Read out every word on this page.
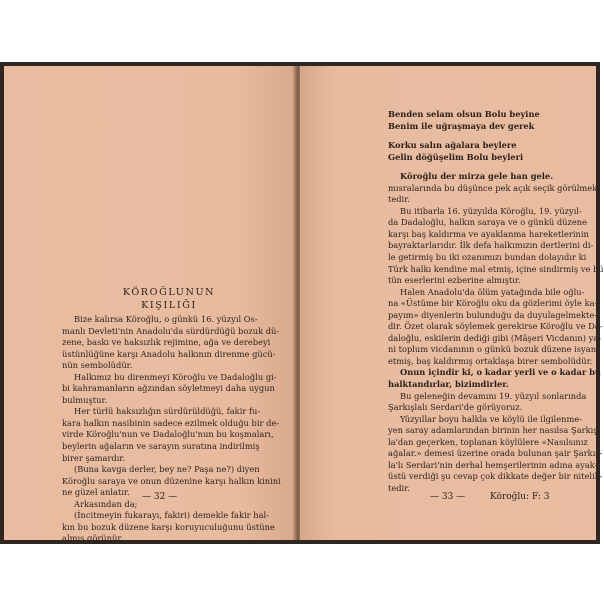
KÖROĞLUNUN
KIŞILIĞI
Bize kalırsa Köroğlu, o günkü 16. yüzyıl Os-
manlı Devleti'nin Anadolu'da sürdürdüğü bozuk dü-
zene, baskı ve haksızlık rejimine, ağa ve derebeyi
üstünlüğüne karşı Anadolu halkının direnme gücü-
nün sembolüdür.
Halkımız bu direnmeyi Köroğlu ve Dadaloğlu gi-
bi kahramanların ağzından söyletmeyi daha uygun
bulmuştur.
Her türlü haksızlığın sürdürüldüğü, fakir fu-
kara halkın nasibinin sadece ezilmek olduğu bir de-
virde Köroğlu'nun ve Dadaloğlu'nun bu koşmaları,
beylerin ağaların ve sarayın suratına indirilmiş
birer şamardır.
(Buna kavga derler, bey ne? Paşa ne?) diyen
Köroğlu saraya ve onun düzenine karşı halkın kinini
ne güzel anlatır.
Arkasından da;
(İncitmeyin fukarayı, fakiri) demekle fakir hal-
kın bu bozuk düzene karşı koruyuculuğunu üstüne
almış görünür.
— 32 —
Benden selam olsun Bolu beyine
Benim ile uğraşmaya dev gerek
Korku salın ağalara beylere
Gelin döğüşelim Bolu beyleri
Köroğlu der mirza gele han gele.
mısralarında bu düşünce pek açık seçik görülmek-
tedir.
Bu itibarla 16. yüzyılda Köroğlu, 19. yüzyıl-
da Dadaloğlu, halkın saraya ve o günkü düzene
karşı baş kaldırma ve ayaklanma hareketlerinin
bayraktarlarıdır. İlk defa halkımızın dertlerini di-
le getirmiş bu iki ozanımızı bundan dolayıdır ki
Türk halkı kendine mal etmiş, içine sindirmiş ve bü
tün eserlerini ezberine almıştır.
Halen Anadolu'da ölüm yatağında bile oğlu-
na «Üstüme bir Köroğlu oku da gözlerimi öyle ka-
payım» diyenlerin bulunduğu da duyulagelmekte-
dir. Özet olarak söylemek gerekirse Köroğlu ve Da-
daloğlu, eskilerin dediği gibi (Mâşeri Vicdanın) ya-
ni toplum vicdanının o günkü bozuk düzene isyan
etmiş, baş kaldırmış ortaklaşa birer sembolüdür.
Onun içindir ki, o kadar yerli ve o kadar bu
halktandırlar, bizimdirler.
Bu geleneğin devamını 19. yüzyıl sonlarında
Şarkışlalı Serdari'de görüyoruz.
Yüzyıllar boyu halkla ve köylü ile ilgilenme-
yen saray adamlarından birinin her nasılsa Şarkış-
la'dan geçerken, toplanan köylülere «Nasılsınız
ağalar.» demesi üzerine orada bulunan şair Şarkış-
la'lı Serdari'nin derhal hemşerilerinin adına ayak-
üstü verdiği şu cevap çok dikkate değer bir nitelik-
tedir.
— 33 —	Köroğlu: F: 3
